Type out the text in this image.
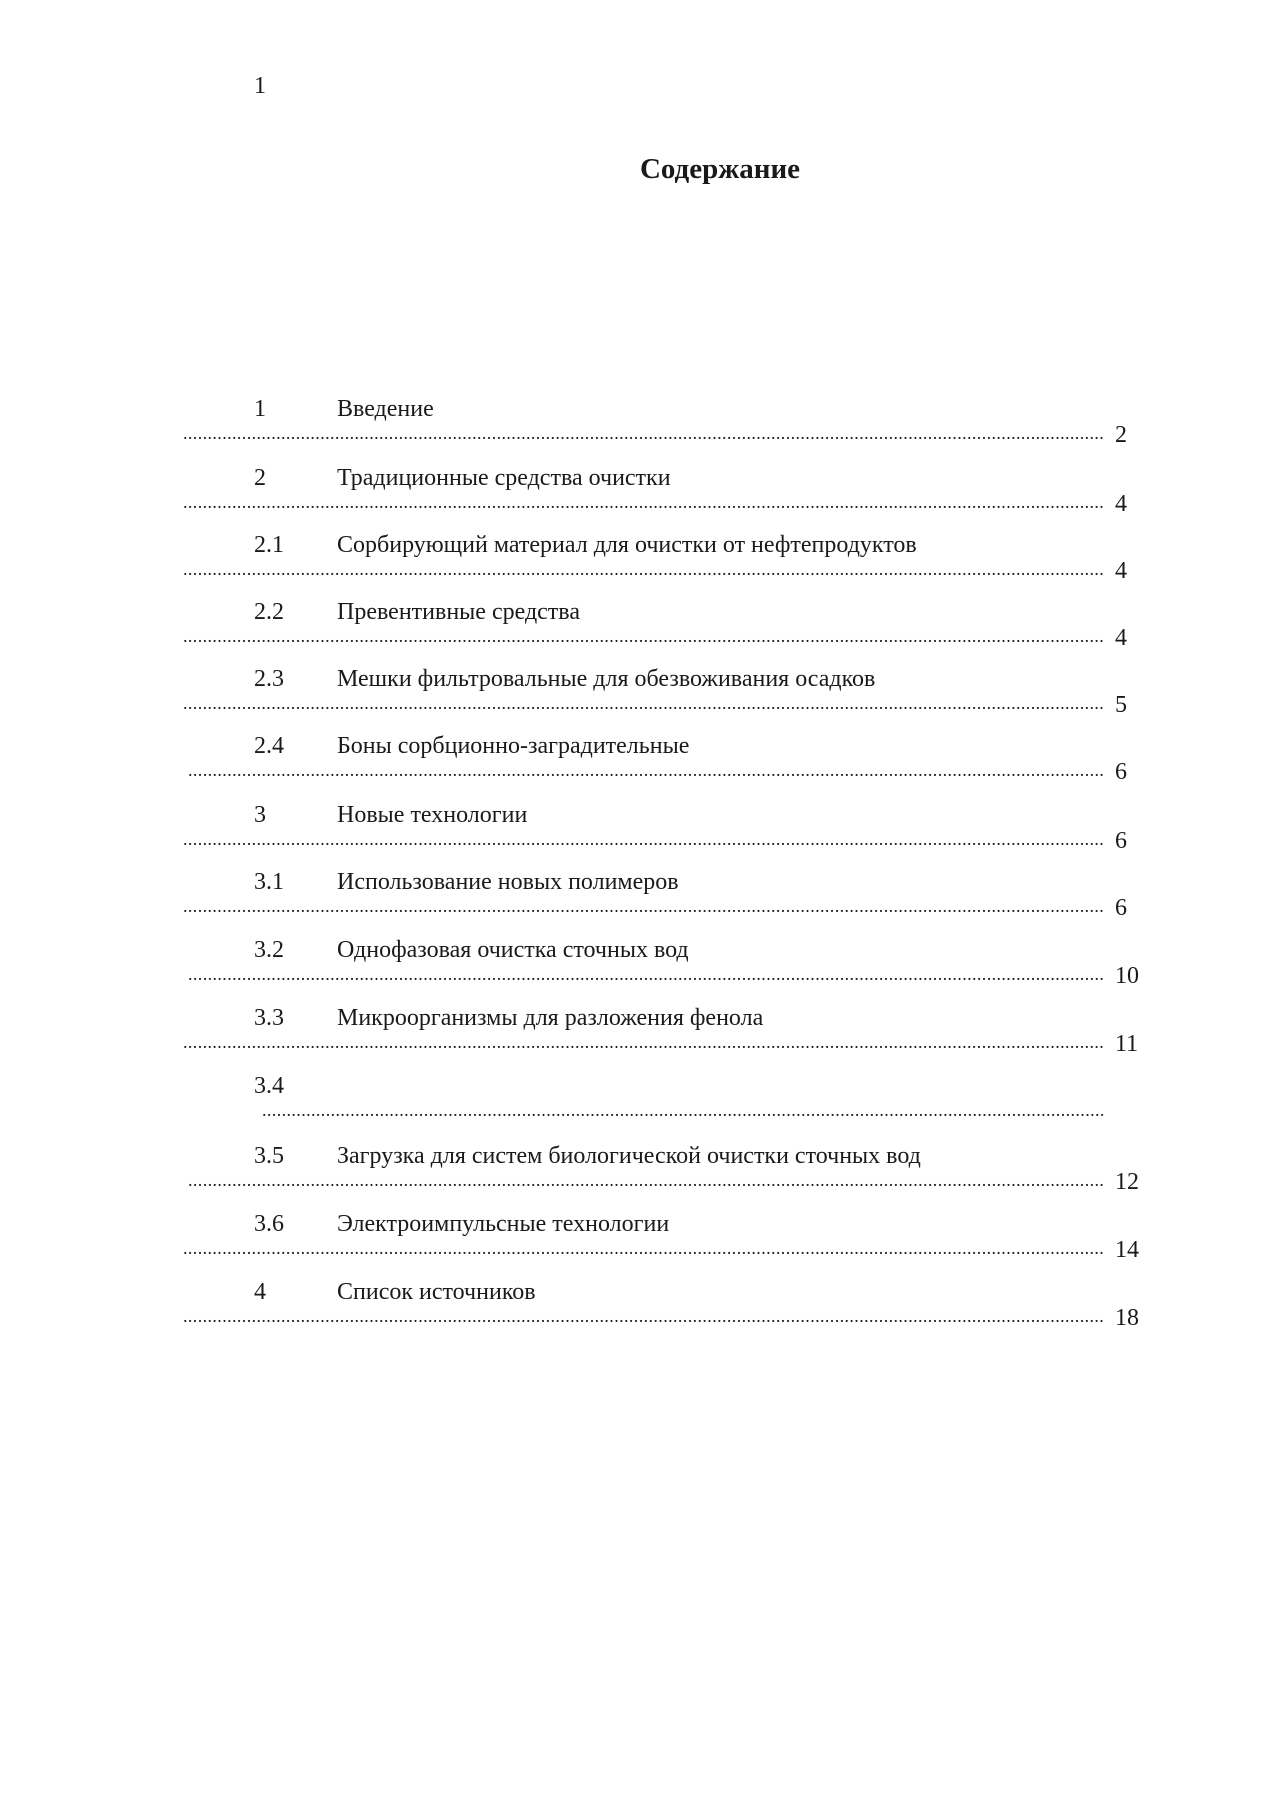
1
Содержание
1	Введение
.....
2
2	Традиционные средства очистки
.....
4
2.1 Сорбирующий материал для очистки от нефтепродуктов
.....
4
2.2 Превентивные средства
.....
4
2.3 Мешки фильтровальные для обезвоживания осадков
.....
5
2.4 Боны сорбционно-заградительные
.....
6
3	Новые технологии
.....
6
3.1 Использование новых полимеров
.....
6
3.2 Однофазовая очистка сточных вод
.....
10
3.3 Микроорганизмы для разложения фенола
.....
11
3.4
.....
3.5 Загрузка для систем биологической очистки сточных вод
.....
12
3.6 Электроимпульсные технологии
.....
14
4	Список источников
.....
18
